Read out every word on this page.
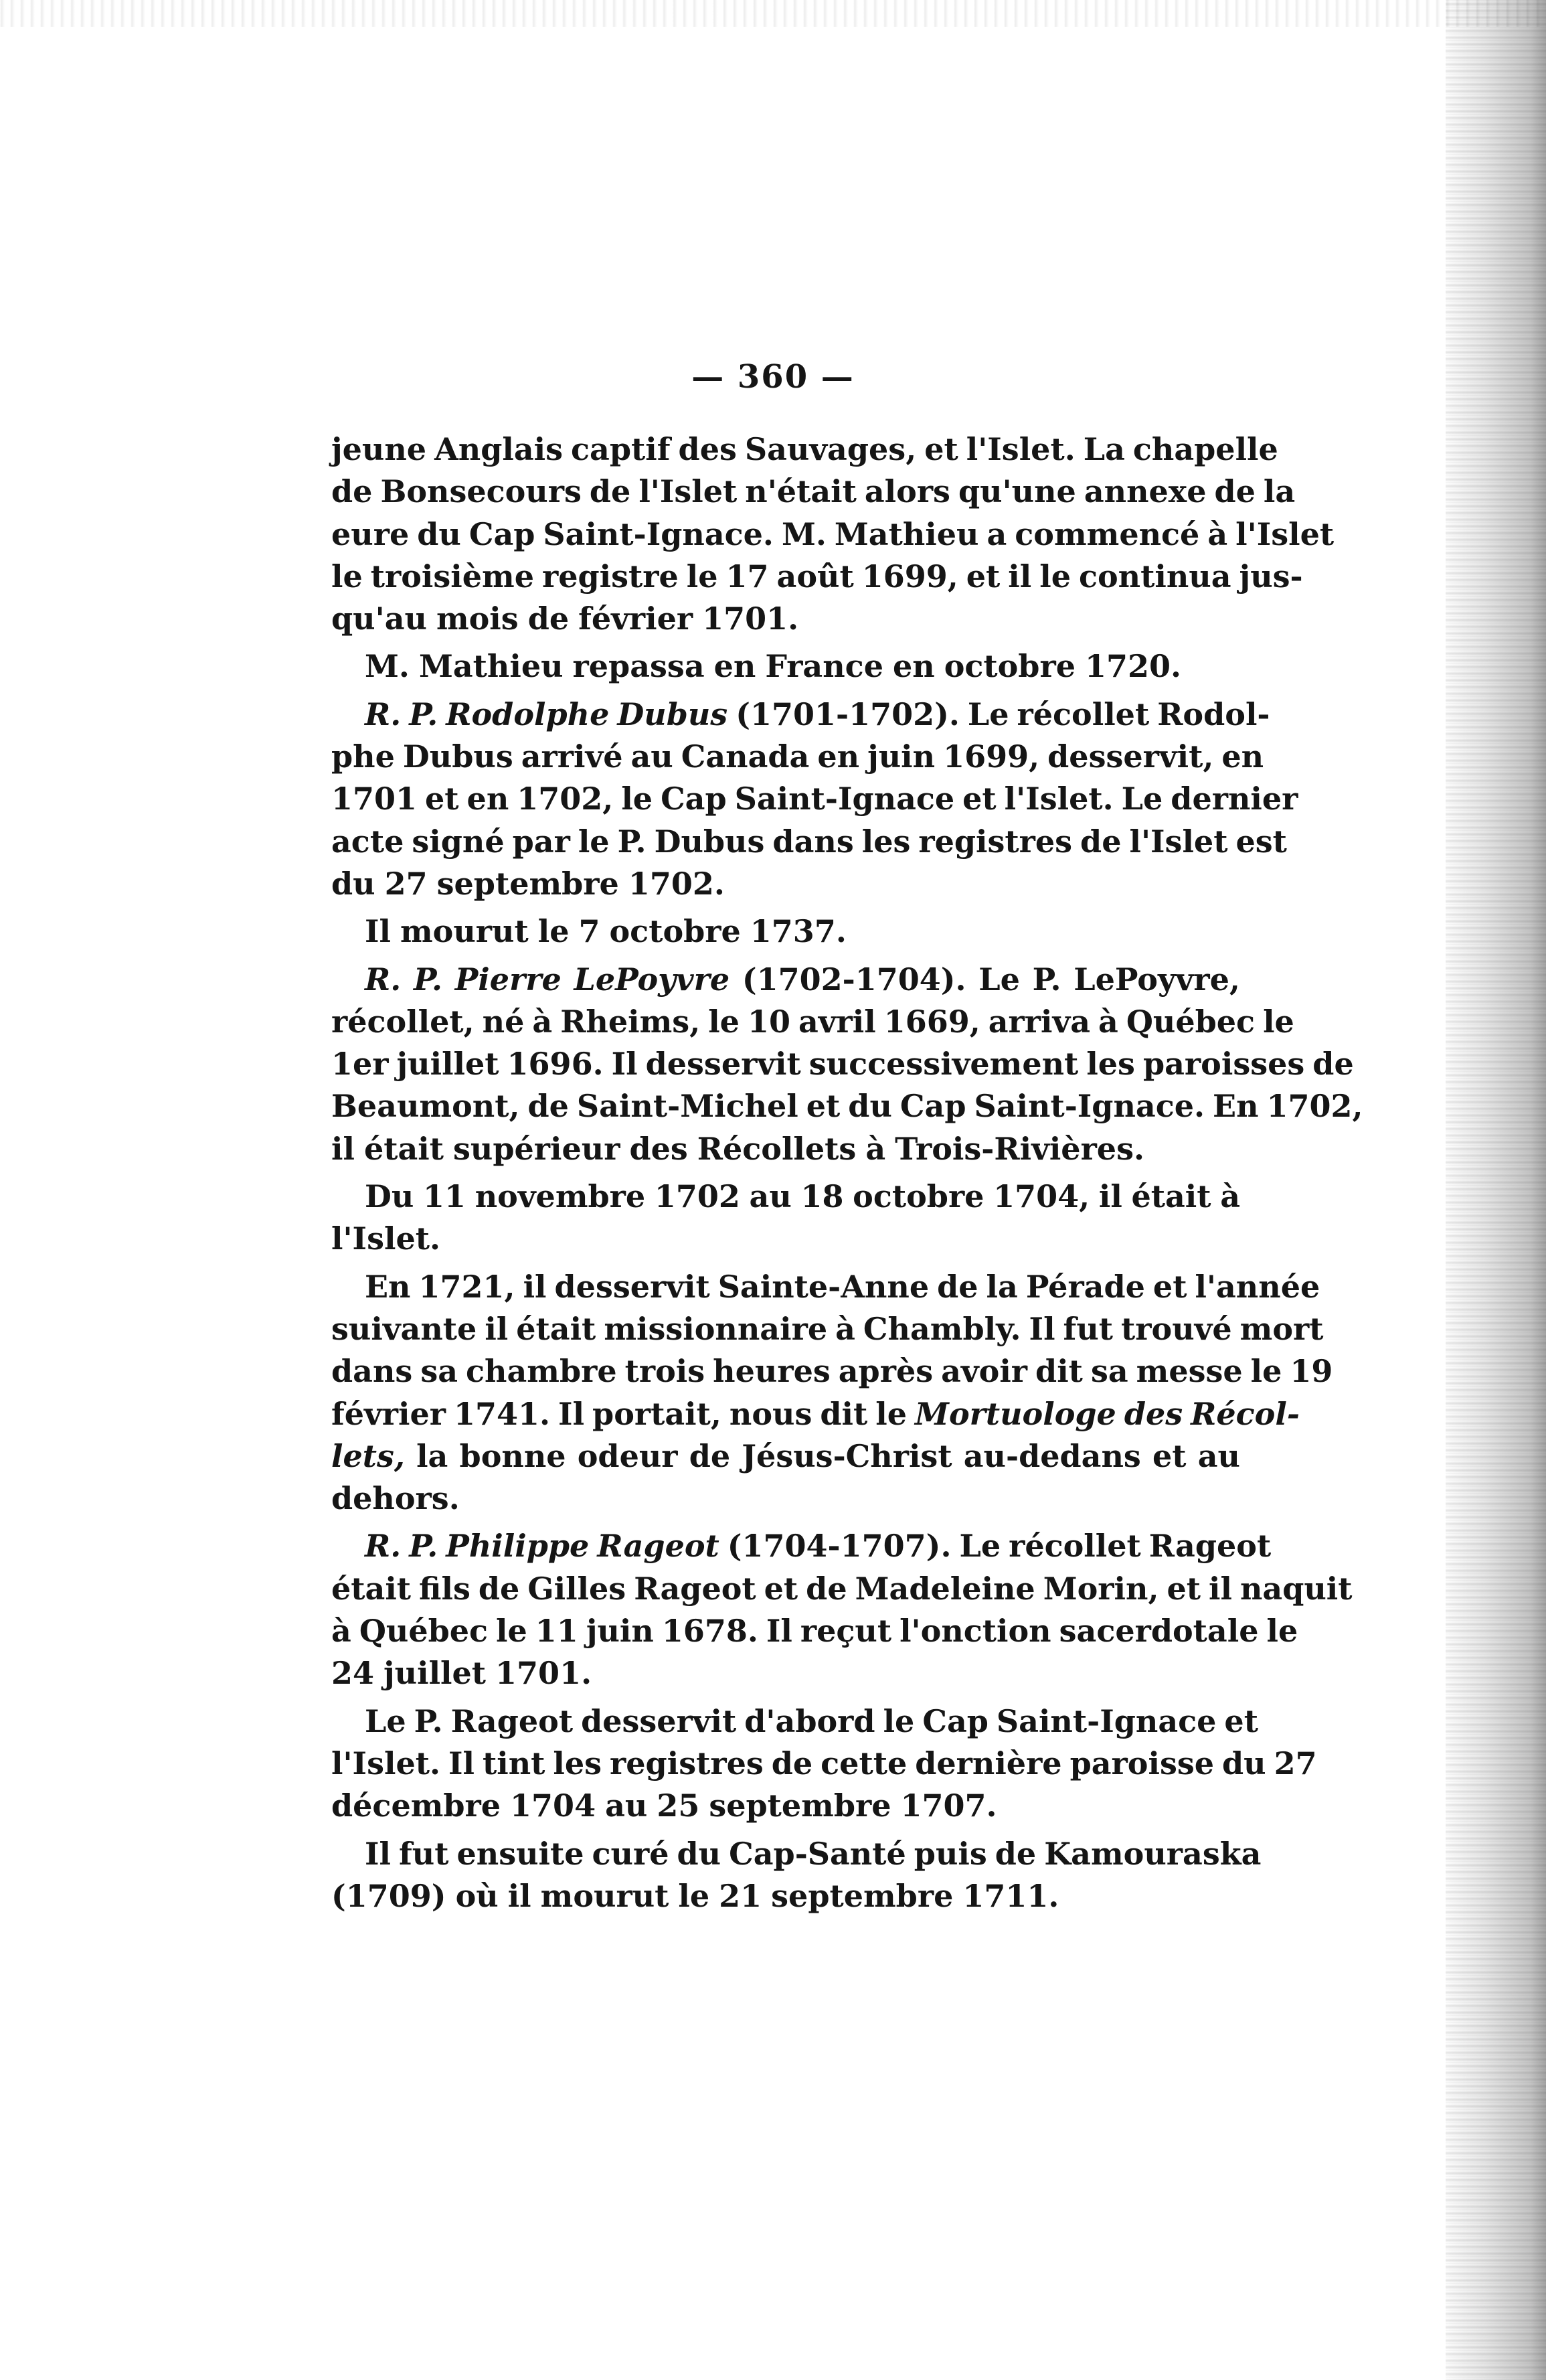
— 360 —
jeune Anglais captif des Sauvages, et l'Islet. La chapelle
de Bonsecours de l'Islet n'était alors qu'une annexe de la
eure du Cap Saint-Ignace. M. Mathieu a commencé à l'Islet
le troisième registre le 17 août 1699, et il le continua jus-
qu'au mois de février 1701.
M. Mathieu repassa en France en octobre 1720.
R. P. Rodolphe Dubus (1701-1702). Le récollet Rodol-
phe Dubus arrivé au Canada en juin 1699, desservit, en
1701 et en 1702, le Cap Saint-Ignace et l'Islet. Le dernier
acte signé par le P. Dubus dans les registres de l'Islet est
du 27 septembre 1702.
Il mourut le 7 octobre 1737.
R. P. Pierre LePoyvre (1702-1704). Le P. LePoyvre,
récollet, né à Rheims, le 10 avril 1669, arriva à Québec le
1er juillet 1696. Il desservit successivement les paroisses de
Beaumont, de Saint-Michel et du Cap Saint-Ignace. En 1702,
il était supérieur des Récollets à Trois-Rivières.
Du 11 novembre 1702 au 18 octobre 1704, il était à
l'Islet.
En 1721, il desservit Sainte-Anne de la Pérade et l'année
suivante il était missionnaire à Chambly. Il fut trouvé mort
dans sa chambre trois heures après avoir dit sa messe le 19
février 1741. Il portait, nous dit le Mortuologe des Récol-
lets, la bonne odeur de Jésus-Christ au-dedans et au
dehors.
R. P. Philippe Rageot (1704-1707). Le récollet Rageot
était fils de Gilles Rageot et de Madeleine Morin, et il naquit
à Québec le 11 juin 1678. Il reçut l'onction sacerdotale le
24 juillet 1701.
Le P. Rageot desservit d'abord le Cap Saint-Ignace et
l'Islet. Il tint les registres de cette dernière paroisse du 27
décembre 1704 au 25 septembre 1707.
Il fut ensuite curé du Cap-Santé puis de Kamouraska
(1709) où il mourut le 21 septembre 1711.
